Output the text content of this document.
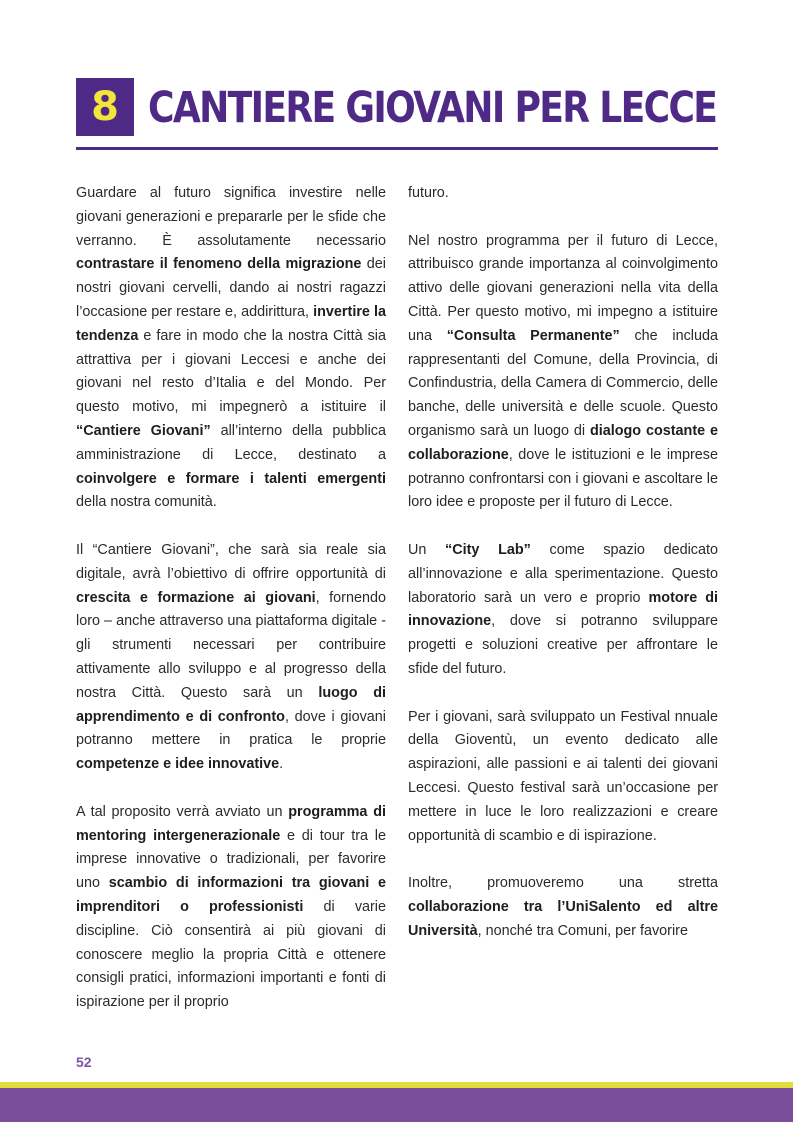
8 CANTIERE GIOVANI PER LECCE

Guardare al futuro significa investire nelle giovani generazioni e prepararle per le sfide che verranno. È assolutamente necessario contrastare il fenomeno della migrazione dei nostri giovani cervelli, dando ai nostri ragazzi l’occasione per restare e, addirittura, invertire la tendenza e fare in modo che la nostra Città sia attrattiva per i giovani Leccesi e anche dei giovani nel resto d’Italia e del Mondo. Per questo motivo, mi impegnerò a istituire il “Cantiere Giovani” all’interno della pubblica amministrazione di Lecce, destinato a coinvolgere e formare i talenti emergenti della nostra comunità.

Il “Cantiere Giovani”, che sarà sia reale sia digitale, avrà l’obiettivo di offrire opportunità di crescita e formazione ai giovani, fornendo loro – anche attraverso una piattaforma digitale - gli strumenti necessari per contribuire attivamente allo sviluppo e al progresso della nostra Città. Questo sarà un luogo di apprendimento e di confronto, dove i giovani potranno mettere in pratica le proprie competenze e idee innovative.

A tal proposito verrà avviato un programma di mentoring intergenerazionale e di tour tra le imprese innovative o tradizionali, per favorire uno scambio di informazioni tra giovani e imprenditori o professionisti di varie discipline. Ciò consentirà ai più giovani di conoscere meglio la propria Città e ottenere consigli pratici, informazioni importanti e fonti di ispirazione per il proprio

futuro.

Nel nostro programma per il futuro di Lecce, attribuisco grande importanza al coinvolgimento attivo delle giovani generazioni nella vita della Città. Per questo motivo, mi impegno a istituire una “Consulta Permanente” che includa rappresentanti del Comune, della Provincia, di Confindustria, della Camera di Commercio, delle banche, delle università e delle scuole. Questo organismo sarà un luogo di dialogo costante e collaborazione, dove le istituzioni e le imprese potranno confrontarsi con i giovani e ascoltare le loro idee e proposte per il futuro di Lecce.

Un “City Lab” come spazio dedicato all’innovazione e alla sperimentazione. Questo laboratorio sarà un vero e proprio motore di innovazione, dove si potranno sviluppare progetti e soluzioni creative per affrontare le sfide del futuro.

Per i giovani, sarà sviluppato un Festival nnuale della Gioventù, un evento dedicato alle aspirazioni, alle passioni e ai talenti dei giovani Leccesi. Questo festival sarà un’occasione per mettere in luce le loro realizzazioni e creare opportunità di scambio e di ispirazione.

Inoltre, promuoveremo una stretta collaborazione tra l’UniSalento ed altre Università, nonché tra Comuni, per favorire

52
